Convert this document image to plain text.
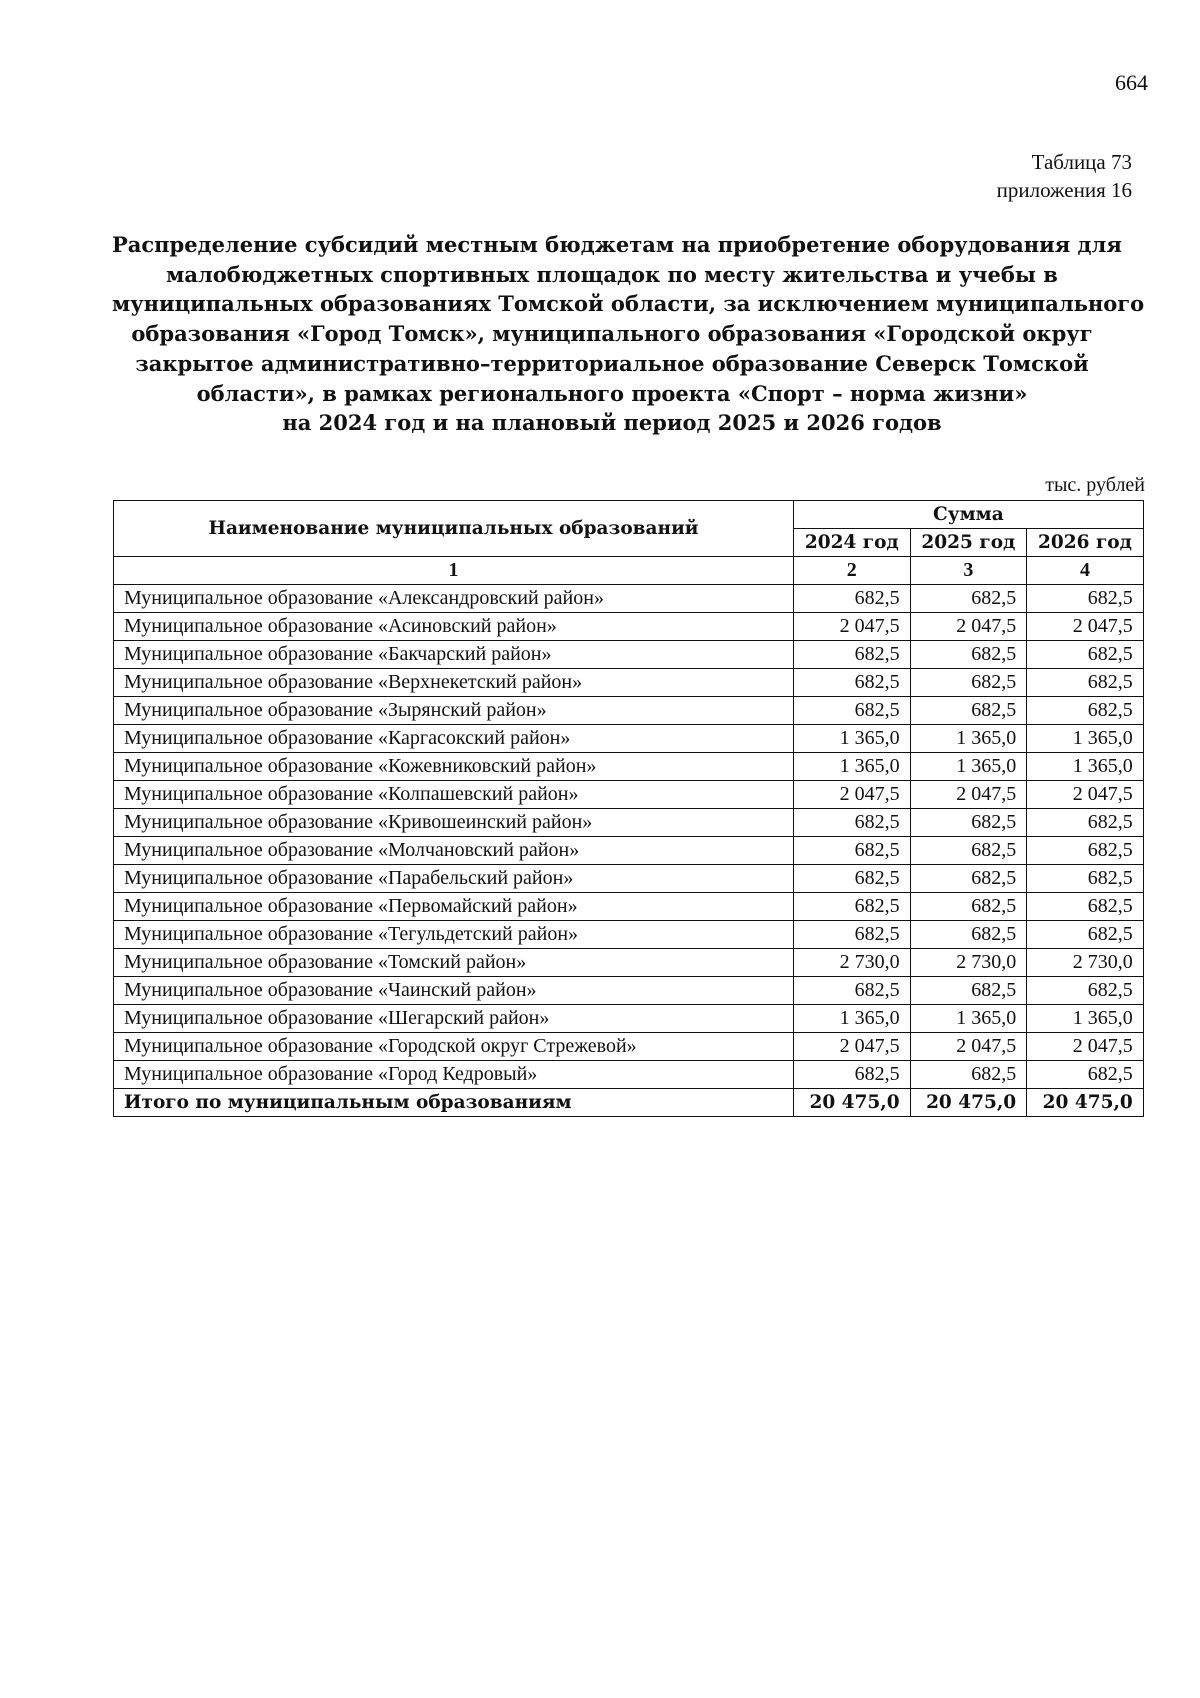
664
Таблица 73
приложения 16
Распределение субсидий местным бюджетам на приобретение оборудования для
малобюджетных спортивных площадок по месту жительства и учебы в
муниципальных образованиях Томской области, за исключением муниципального
образования «Город Томск», муниципального образования «Городской округ
закрытое административно–территориальное образование Северск Томской
области», в рамках регионального проекта «Спорт – норма жизни»
на 2024 год и на плановый период 2025 и 2026 годов
тыс. рублей
Наименование муниципальных образований	Сумма		
	2024 год	2025 год	2026 год
1	2	3	4
Муниципальное образование «Александровский район»	682,5	682,5	682,5
Муниципальное образование «Асиновский район»	2 047,5	2 047,5	2 047,5
Муниципальное образование «Бакчарский район»	682,5	682,5	682,5
Муниципальное образование «Верхнекетский район»	682,5	682,5	682,5
Муниципальное образование «Зырянский район»	682,5	682,5	682,5
Муниципальное образование «Каргасокский район»	1 365,0	1 365,0	1 365,0
Муниципальное образование «Кожевниковский район»	1 365,0	1 365,0	1 365,0
Муниципальное образование «Колпашевский район»	2 047,5	2 047,5	2 047,5
Муниципальное образование «Кривошеинский район»	682,5	682,5	682,5
Муниципальное образование «Молчановский район»	682,5	682,5	682,5
Муниципальное образование «Парабельский район»	682,5	682,5	682,5
Муниципальное образование «Первомайский район»	682,5	682,5	682,5
Муниципальное образование «Тегульдетский район»	682,5	682,5	682,5
Муниципальное образование «Томский район»	2 730,0	2 730,0	2 730,0
Муниципальное образование «Чаинский район»	682,5	682,5	682,5
Муниципальное образование «Шегарский район»	1 365,0	1 365,0	1 365,0
Муниципальное образование «Городской округ Стрежевой»	2 047,5	2 047,5	2 047,5
Муниципальное образование «Город Кедровый»	682,5	682,5	682,5
Итого по муниципальным образованиям	20 475,0	20 475,0	20 475,0
